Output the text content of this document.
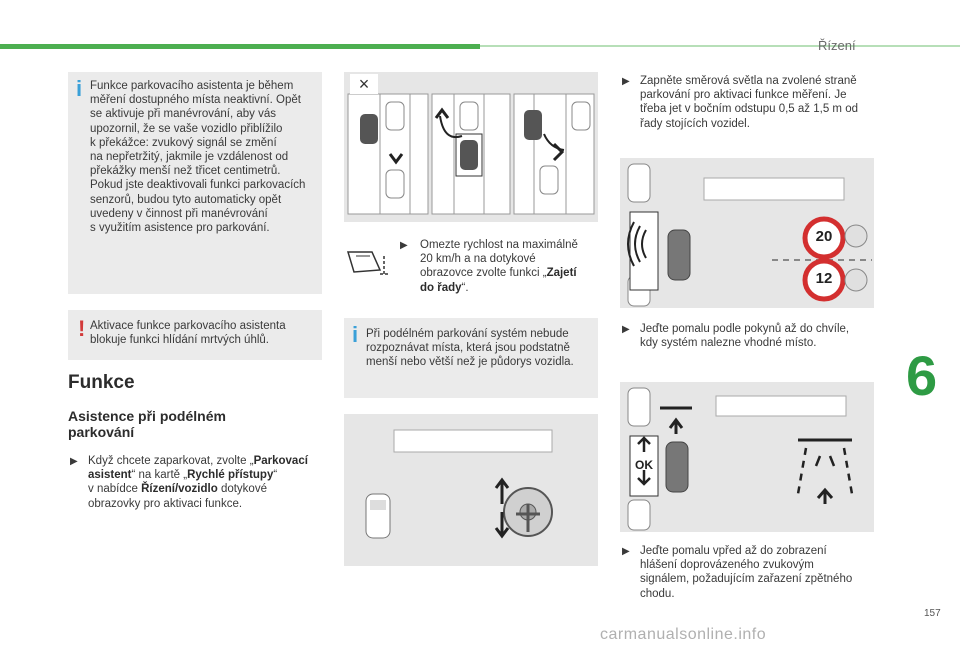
Řízení
6
157
carmanualsonline.info
i Funkce parkovacího asistenta je během
měření dostupného místa neaktivní. Opět
se aktivuje při manévrování, aby vás
upozornil, že se vaše vozidlo přiblížilo
k překážce: zvukový signál se změní
na nepřetržitý, jakmile je vzdálenost od
překážky menší než třicet centimetrů.
Pokud jste deaktivovali funkci parkovacích
senzorů, budou tyto automaticky opět
uvedeny v činnost při manévrování
s využitím asistence pro parkování.
! Aktivace funkce parkovacího asistenta
blokuje funkci hlídání mrtvých úhlů.
Funkce
Asistence při podélném
parkování
▶ Když chcete zaparkovat, zvolte „Parkovací
asistent“ na kartě „Rychlé přístupy“
v nabídce Řízení/vozidlo dotykové
obrazovky pro aktivaci funkce.
×
▶ Omezte rychlost na maximálně
20 km/h a na dotykové
obrazovce zvolte funkci „Zajetí
do řady“.
i Při podélném parkování systém nebude
rozpoznávat místa, která jsou podstatně
menší nebo větší než je půdorys vozidla.
▶ Zapněte směrová světla na zvolené straně
parkování pro aktivaci funkce měření. Je
třeba jet v bočním odstupu 0,5 až 1,5 m od
řady stojících vozidel.
20
12
▶ Jeďte pomalu podle pokynů až do chvíle,
kdy systém nalezne vhodné místo.
OK
▶ Jeďte pomalu vpřed až do zobrazení
hlášení doprovázeného zvukovým
signálem, požadujícím zařazení zpětného
chodu.
